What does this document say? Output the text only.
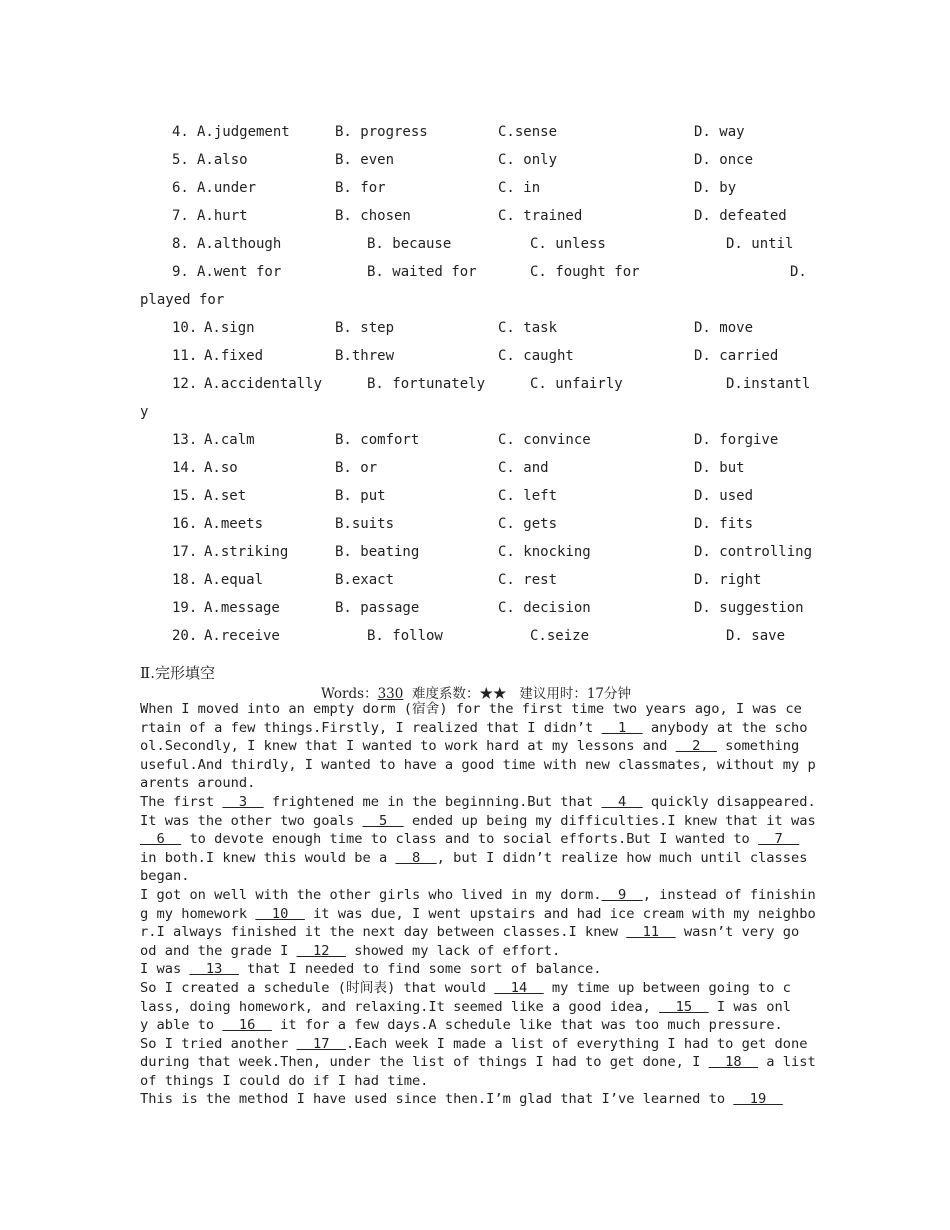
4. A.judgement	B. progress	C.sense	D. way
5. A.also	B. even	C. only	D. once
6. A.under	B. for	C. in	D. by
7. A.hurt	B. chosen	C. trained	D. defeated
8. A.although	B. because	C. unless	D. until
9. A.went for	B. waited for	C. fought for	D.
played for
10. A.sign	B. step	C. task	D. move
11. A.fixed	B.threw	C. caught	D. carried
12. A.accidentally	B. fortunately	C. unfairly	D.instantl
y
13. A.calm	B. comfort	C. convince	D. forgive
14. A.so	B. or	C. and	D. but
15. A.set	B. put	C. left	D. used
16. A.meets	B.suits	C. gets	D. fits
17. A.striking	B. beating	C. knocking	D. controlling
18. A.equal	B.exact	C. rest	D. right
19. A.message	B. passage	C. decision	D. suggestion
20. A.receive	B. follow	C.seize	D. save
Ⅱ.完形填空
Words：330 难度系数：★★ 建议用时：17分钟
When I moved into an empty dorm (宿舍) for the first time two years ago, I was ce
rtain of a few things.Firstly, I realized that I didn’t   1   anybody at the scho
ol.Secondly, I knew that I wanted to work hard at my lessons and   2   something
useful.And thirdly, I wanted to have a good time with new classmates, without my p
arents around.
The first   3   frightened me in the beginning.But that   4   quickly disappeared.
It was the other two goals   5   ended up being my difficulties.I knew that it was
6   to devote enough time to class and to social efforts.But I wanted to   7
in both.I knew this would be a   8  , but I didn’t realize how much until classes
began.
I got on well with the other girls who lived in my dorm.  9  , instead of finishin
g my homework   10   it was due, I went upstairs and had ice cream with my neighbo
r.I always finished it the next day between classes.I knew   11   wasn’t very go
od and the grade I   12   showed my lack of effort.
I was   13   that I needed to find some sort of balance.
So I created a schedule (时间表) that would   14   my time up between going to c
lass, doing homework, and relaxing.It seemed like a good idea,   15   I was onl
y able to   16   it for a few days.A schedule like that was too much pressure.
So I tried another   17  .Each week I made a list of everything I had to get done
during that week.Then, under the list of things I had to get done, I   18   a list
of things I could do if I had time.
This is the method I have used since then.I’m glad that I’ve learned to   19
